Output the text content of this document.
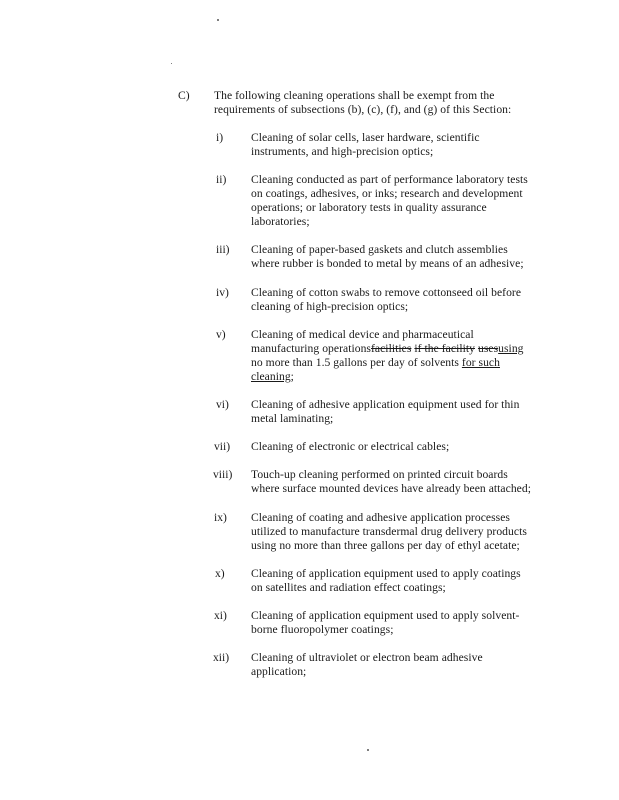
C) The following cleaning operations shall be exempt from the
requirements of subsections (b), (c), (f), and (g) of this Section:
i) Cleaning of solar cells, laser hardware, scientific
instruments, and high-precision optics;
ii) Cleaning conducted as part of performance laboratory tests
on coatings, adhesives, or inks; research and development
operations; or laboratory tests in quality assurance
laboratories;
iii) Cleaning of paper-based gaskets and clutch assemblies
where rubber is bonded to metal by means of an adhesive;
iv) Cleaning of cotton swabs to remove cottonseed oil before
cleaning of high-precision optics;
v) Cleaning of medical device and pharmaceutical
manufacturing operationsfacilities if the facility usesusing
no more than 1.5 gallons per day of solvents for such
cleaning;
vi) Cleaning of adhesive application equipment used for thin
metal laminating;
vii) Cleaning of electronic or electrical cables;
viii) Touch-up cleaning performed on printed circuit boards
where surface mounted devices have already been attached;
ix) Cleaning of coating and adhesive application processes
utilized to manufacture transdermal drug delivery products
using no more than three gallons per day of ethyl acetate;
x) Cleaning of application equipment used to apply coatings
on satellites and radiation effect coatings;
xi) Cleaning of application equipment used to apply solvent-
borne fluoropolymer coatings;
xii) Cleaning of ultraviolet or electron beam adhesive
application;
